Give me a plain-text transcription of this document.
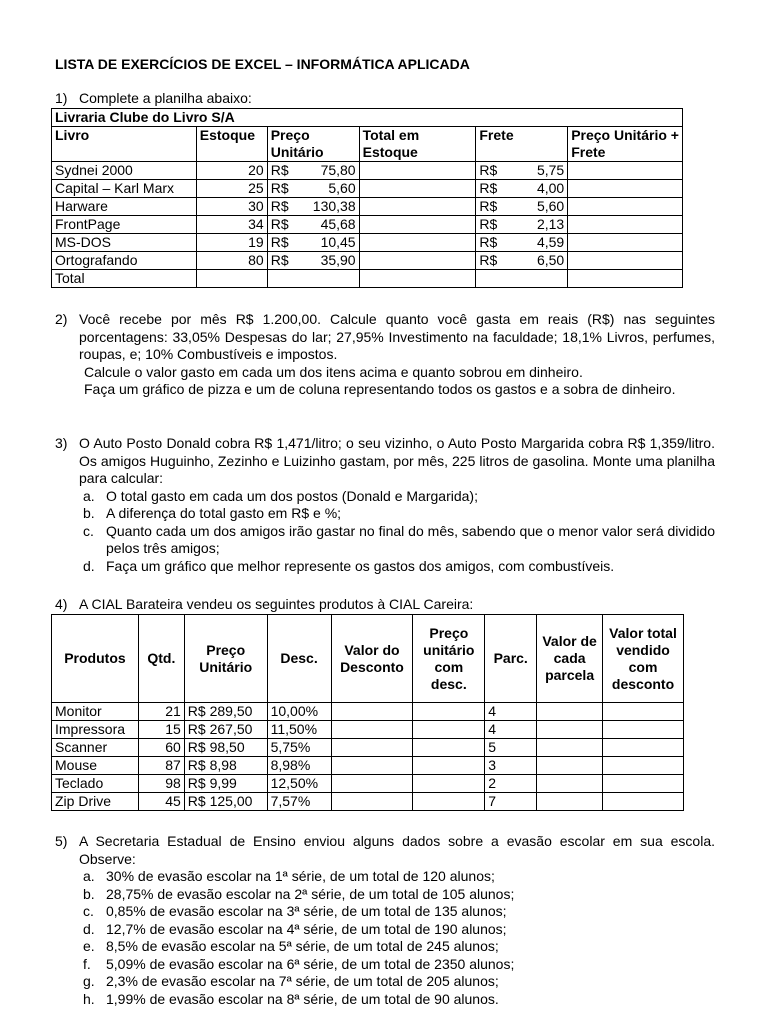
LISTA DE EXERCÍCIOS DE EXCEL – INFORMÁTICA APLICADA
1) Complete a planilha abaixo:
Livraria Clube do Livro S/A					
Livro	Estoque	Preço Unitário	Total em Estoque	Frete	Preço Unitário + Frete
Sydnei 2000	20	R$ 75,80		R$ 5,75	

Capital – Karl Marx	25	R$ 5,60		R$ 4,00	

Harware	30	R$ 130,38		R$ 5,60	

FrontPage	34	R$ 45,68		R$ 2,13	

MS-DOS	19	R$ 10,45		R$ 4,59	

Ortografando	80	R$ 35,90		R$ 6,50	

Total					
2) Você recebe por mês R$ 1.200,00. Calcule quanto você gasta em reais (R$) nas seguintes porcentagens: 33,05% Despesas do lar; 27,95% Investimento na faculdade; 18,1% Livros, perfumes, roupas, e; 10% Combustíveis e impostos.
Calcule o valor gasto em cada um dos itens acima e quanto sobrou em dinheiro.
Faça um gráfico de pizza e um de coluna representando todos os gastos e a sobra de dinheiro.
3) O Auto Posto Donald cobra R$ 1,471/litro; o seu vizinho, o Auto Posto Margarida cobra R$ 1,359/litro. Os amigos Huguinho, Zezinho e Luizinho gastam, por mês, 225 litros de gasolina. Monte uma planilha para calcular:
a. O total gasto em cada um dos postos (Donald e Margarida);
b. A diferença do total gasto em R$ e %;
c. Quanto cada um dos amigos irão gastar no final do mês, sabendo que o menor valor será dividido pelos três amigos;
d. Faça um gráfico que melhor represente os gastos dos amigos, com combustíveis.
4) A CIAL Barateira vendeu os seguintes produtos à CIAL Careira:
Produtos	Qtd.	Preço Unitário	Desc.	Valor do Desconto	Preço unitário com desc.	Parc.	Valor de cada parcela	Valor total vendido com desconto
Monitor	21	R$ 289,50	10,00%			4		
Impressora	15	R$ 267,50	11,50%			4		
Scanner	60	R$ 98,50	5,75%			5		
Mouse	87	R$ 8,98	8,98%			3		
Teclado	98	R$ 9,99	12,50%			2		
Zip Drive	45	R$ 125,00	7,57%			7		
5) A Secretaria Estadual de Ensino enviou alguns dados sobre a evasão escolar em sua escola. Observe:
a. 30% de evasão escolar na 1ª série, de um total de 120 alunos;
b. 28,75% de evasão escolar na 2ª série, de um total de 105 alunos;
c. 0,85% de evasão escolar na 3ª série, de um total de 135 alunos;
d. 12,7% de evasão escolar na 4ª série, de um total de 190 alunos;
e. 8,5% de evasão escolar na 5ª série, de um total de 245 alunos;
f. 5,09% de evasão escolar na 6ª série, de um total de 2350 alunos;
g. 2,3% de evasão escolar na 7ª série, de um total de 205 alunos;
h. 1,99% de evasão escolar na 8ª série, de um total de 90 alunos.
